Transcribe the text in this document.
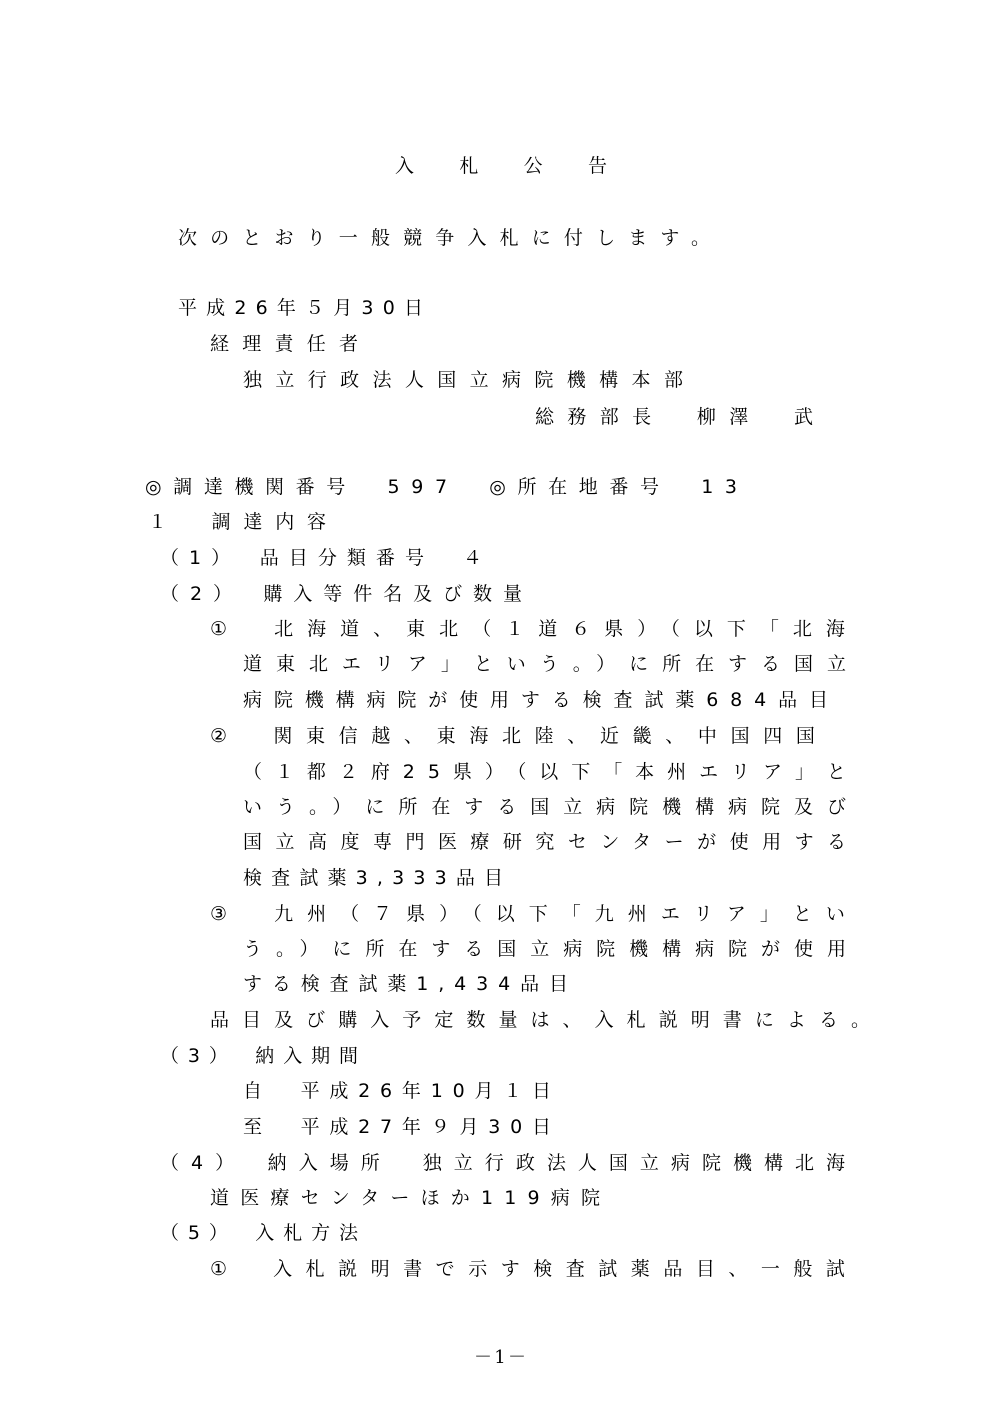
入　札　公　告
次のとおり一般競争入札に付します。
平成26年５月30日
経理責任者
独立行政法人国立病院機構本部
総務部長　柳澤　武
◎調達機関番号　597　◎所在地番号　13
１　調達内容
（1）　品目分類番号　４
（2）　購入等件名及び数量
①　北海道、東北（１道６県）（以下「北海
道東北エリア」という。）に所在する国立
病院機構病院が使用する検査試薬684品目
②　関東信越、東海北陸、近畿、中国四国
（１都２府25県）（以下「本州エリア」と
いう。）に所在する国立病院機構病院及び
国立高度専門医療研究センターが使用する
検査試薬3,333品目
③　九州（７県）（以下「九州エリア」とい
う。）に所在する国立病院機構病院が使用
する検査試薬1,434品目
品目及び購入予定数量は、入札説明書による。
（3）　納入期間
自　平成26年10月１日
至　平成27年９月30日
（4）　納入場所　独立行政法人国立病院機構北海
道医療センターほか119病院
（5）　入札方法
①　入札説明書で示す検査試薬品目、一般試
－ 1 －
